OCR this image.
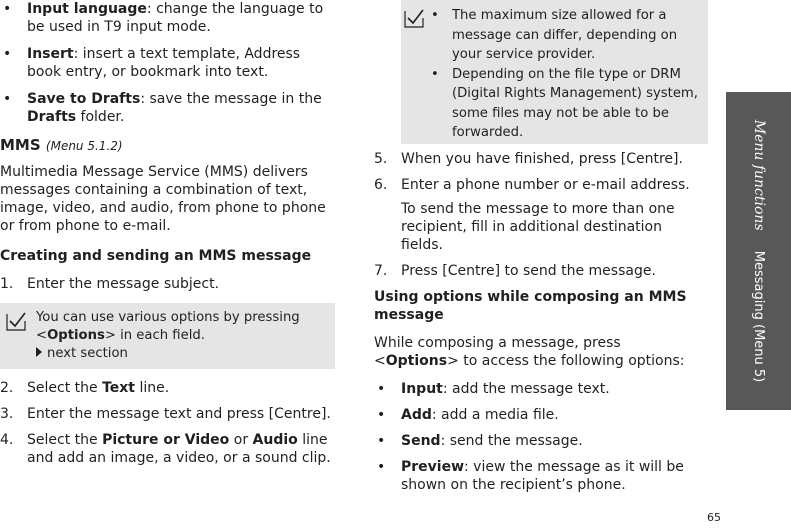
• Input language: change the language to be used in T9 input mode.
• Insert: insert a text template, Address book entry, or bookmark into text.
• Save to Drafts: save the message in the Drafts folder.
MMS (Menu 5.1.2)

Multimedia Message Service (MMS) delivers messages containing a combination of text, image, video, and audio, from phone to phone or from phone to e-mail.

Creating and sending an MMS message
1. Enter the message subject.
You can use various options by pressing <Options> in each field.
next section
2. Select the Text line.
3. Enter the message text and press [Centre].
4. Select the Picture or Video or Audio line and add an image, a video, or a sound clip.
• The maximum size allowed for a message can differ, depending on your service provider.
• Depending on the file type or DRM (Digital Rights Management) system, some files may not be able to be forwarded.
5. When you have finished, press [Centre].
6. Enter a phone number or e-mail address.
To send the message to more than one recipient, fill in additional destination fields.
7. Press [Centre] to send the message.
Using options while composing an MMS message

While composing a message, press <Options> to access the following options:

• Input: add the message text.
• Add: add a media file.
• Send: send the message.
• Preview: view the message as it will be shown on the recipient’s phone.
Menu functions Messaging (Menu 5)
65
